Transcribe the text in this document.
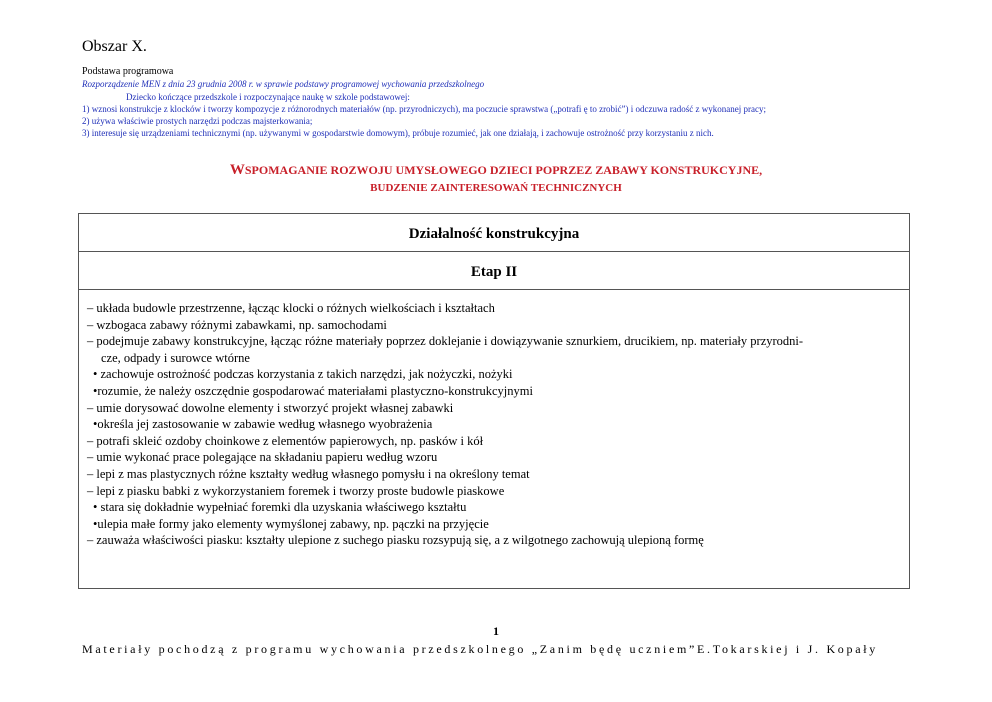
Obszar X.
Podstawa programowa
Rozporządzenie MEN z dnia 23 grudnia 2008 r. w sprawie podstawy programowej wychowania przedszkolnego
Dziecko kończące przedszkole i rozpoczynające naukę w szkole podstawowej:
1) wznosi konstrukcje z klocków i tworzy kompozycje z różnorodnych materiałów (np. przyrodniczych), ma poczucie sprawstwa („potrafi ę to zrobić”) i odczuwa radość z wykonanej pracy;
2) używa właściwie prostych narzędzi podczas majsterkowania;
3) interesuje się urządzeniami technicznymi (np. używanymi w gospodarstwie domowym), próbuje rozumieć, jak one działają, i zachowuje ostrożność przy korzystaniu z nich.
WSPOMAGANIE ROZWOJU UMYSŁOWEGO DZIECI POPRZEZ ZABAWY KONSTRUKCYJNE,
BUDZENIE ZAINTERESOWAŃ TECHNICZNYCH
Działalność konstrukcyjna
Etap II
– układa budowle przestrzenne, łącząc klocki o różnych wielkościach i kształtach
– wzbogaca zabawy różnymi zabawkami, np. samochodami
– podejmuje zabawy konstrukcyjne, łącząc różne materiały poprzez doklejanie i dowiązywanie sznurkiem, drucikiem, np. materiały przyrodni-
cze, odpady i surowce wtórne
• zachowuje ostrożność podczas korzystania z takich narzędzi, jak nożyczki, nożyki
•rozumie, że należy oszczędnie gospodarować materiałami plastyczno-konstrukcyjnymi
– umie dorysować dowolne elementy i stworzyć projekt własnej zabawki
•określa jej zastosowanie w zabawie według własnego wyobrażenia
– potrafi skleić ozdoby choinkowe z elementów papierowych, np. pasków i kół
– umie wykonać prace polegające na składaniu papieru według wzoru
– lepi z mas plastycznych różne kształty według własnego pomysłu i na określony temat
– lepi z piasku babki z wykorzystaniem foremek i tworzy proste budowle piaskowe
• stara się dokładnie wypełniać foremki dla uzyskania właściwego kształtu
•ulepia małe formy jako elementy wymyślonej zabawy, np. pączki na przyjęcie
– zauważa właściwości piasku: kształty ulepione z suchego piasku rozsypują się, a z wilgotnego zachowują ulepioną formę
1
Materiały pochodzą z programu wychowania przedszkolnego „Zanim będę uczniem”E.Tokarskiej i J. Kopały
